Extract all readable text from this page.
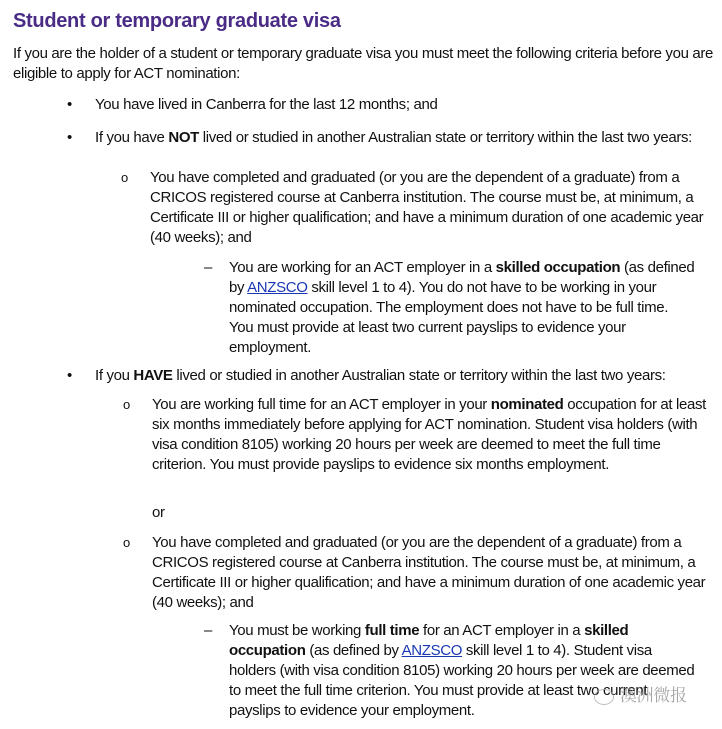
Student or temporary graduate visa
If you are the holder of a student or temporary graduate visa you must meet the following criteria before you are eligible to apply for ACT nomination:
• You have lived in Canberra for the last 12 months; and
• If you have NOT lived or studied in another Australian state or territory within the last two years:
o You have completed and graduated (or you are the dependent of a graduate) from a CRICOS registered course at Canberra institution. The course must be, at minimum, a Certificate III or higher qualification; and have a minimum duration of one academic year (40 weeks); and
– You are working for an ACT employer in a skilled occupation (as defined by ANZSCO skill level 1 to 4). You do not have to be working in your nominated occupation. The employment does not have to be full time. You must provide at least two current payslips to evidence your employment.
• If you HAVE lived or studied in another Australian state or territory within the last two years:
o You are working full time for an ACT employer in your nominated occupation for at least six months immediately before applying for ACT nomination. Student visa holders (with visa condition 8105) working 20 hours per week are deemed to meet the full time criterion. You must provide payslips to evidence six months employment.
or
o You have completed and graduated (or you are the dependent of a graduate) from a CRICOS registered course at Canberra institution. The course must be, at minimum, a Certificate III or higher qualification; and have a minimum duration of one academic year (40 weeks); and
– You must be working full time for an ACT employer in a skilled occupation (as defined by ANZSCO skill level 1 to 4). Student visa holders (with visa condition 8105) working 20 hours per week are deemed to meet the full time criterion. You must provide at least two current payslips to evidence your employment.
澳洲微报
